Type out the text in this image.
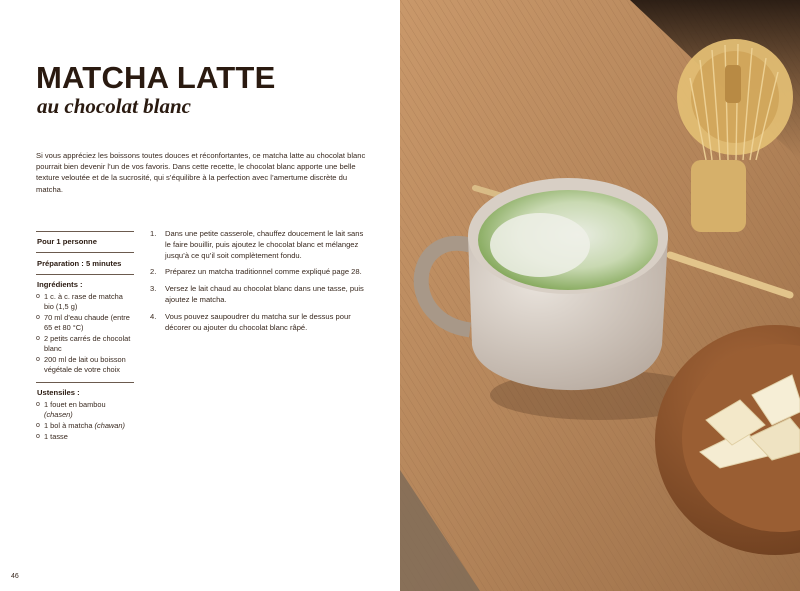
MATCHA LATTE
au chocolat blanc

Si vous appréciez les boissons toutes douces et réconfortantes, ce matcha latte au chocolat blanc pourrait bien devenir l’un de vos favoris. Dans cette recette, le chocolat blanc apporte une belle texture veloutée et de la sucrosité, qui s’équilibre à la perfection avec l’amertume discrète du matcha.

Pour 1 personne
Préparation : 5 minutes
Ingrédients :
o 1 c. à c. rase de matcha bio (1,5 g)
o 70 ml d’eau chaude (entre 65 et 80 °C)
o 2 petits carrés de chocolat blanc
o 200 ml de lait ou boisson végétale de votre choix
Ustensiles :
o 1 fouet en bambou
(chasen)
o 1 bol à matcha (chawan)
o 1 tasse
1. Dans une petite casserole, chauffez doucement le lait sans le faire bouillir, puis ajoutez le chocolat blanc et mélangez jusqu’à ce qu’il soit complètement fondu.
2. Préparez un matcha traditionnel comme expliqué page 28.
3. Versez le lait chaud au chocolat blanc dans une tasse, puis ajoutez le matcha.
4. Vous pouvez saupoudrer du matcha sur le dessus pour décorer ou ajouter du chocolat blanc râpé.
46
